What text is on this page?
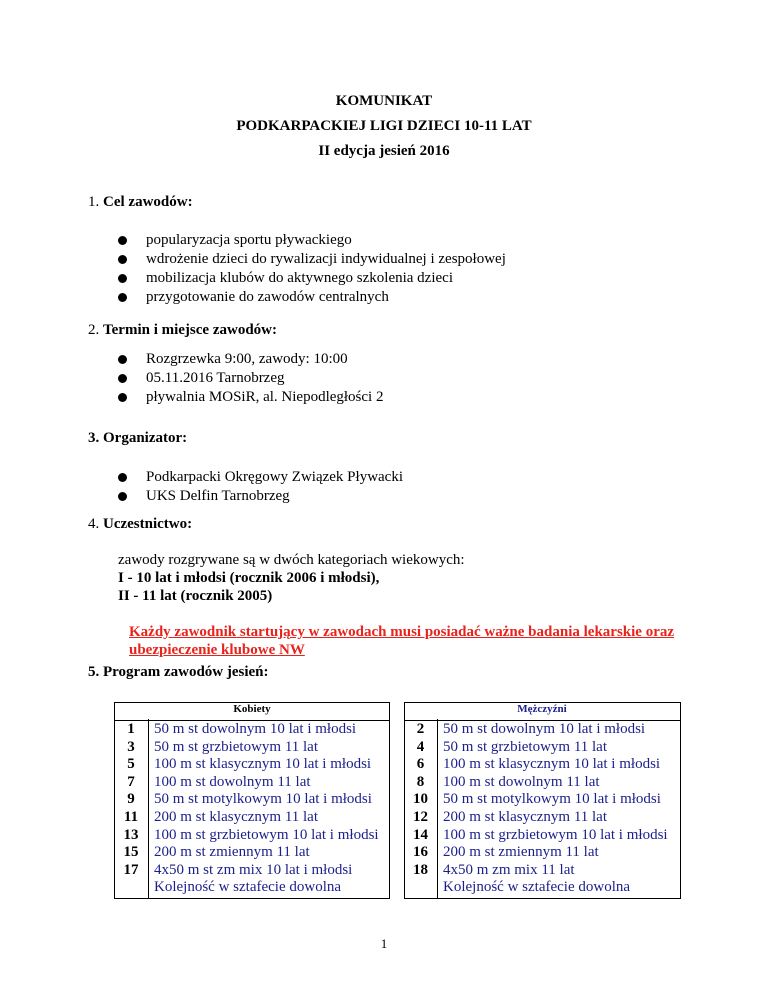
KOMUNIKAT
PODKARPACKIEJ LIGI DZIECI 10-11 LAT
II edycja jesień 2016
1. Cel zawodów:
popularyzacja sportu pływackiego
wdrożenie dzieci do rywalizacji indywidualnej i zespołowej
mobilizacja klubów do aktywnego szkolenia dzieci
przygotowanie do zawodów centralnych
2. Termin i miejsce zawodów:
Rozgrzewka 9:00, zawody: 10:00
05.11.2016 Tarnobrzeg
pływalnia MOSiR, al. Niepodległości 2
3. Organizator:
Podkarpacki Okręgowy Związek Pływacki
UKS Delfin Tarnobrzeg
4. Uczestnictwo:
zawody rozgrywane są w dwóch kategoriach wiekowych:
I - 10 lat i młodsi (rocznik 2006 i młodsi),
II - 11 lat (rocznik 2005)
Każdy zawodnik startujący w zawodach musi posiadać ważne badania lekarskie oraz
ubezpieczenie klubowe NW
5. Program zawodów jesień:
Kobiety	Mężczyźni
1	50 m st dowolnym 10 lat i młodsi
3	50 m st grzbietowym 11 lat
5	100 m st klasycznym 10 lat i młodsi
7	100 m st dowolnym 11 lat
9	50 m st motylkowym 10 lat i młodsi
11	200 m st klasycznym 11 lat
13	100 m st grzbietowym 10 lat i młodsi
15	200 m st zmiennym 11 lat
17	4x50 m st zm mix 10 lat i młodsi
Kolejność w sztafecie dowolna
2	50 m st dowolnym 10 lat i młodsi
4	50 m st grzbietowym 11 lat
6	100 m st klasycznym 10 lat i młodsi
8	100 m st dowolnym 11 lat
10	50 m st motylkowym 10 lat i młodsi
12	200 m st klasycznym 11 lat
14	100 m st grzbietowym 10 lat i młodsi
16	200 m st zmiennym 11 lat
18	4x50 m zm mix 11 lat
Kolejność w sztafecie dowolna
1
